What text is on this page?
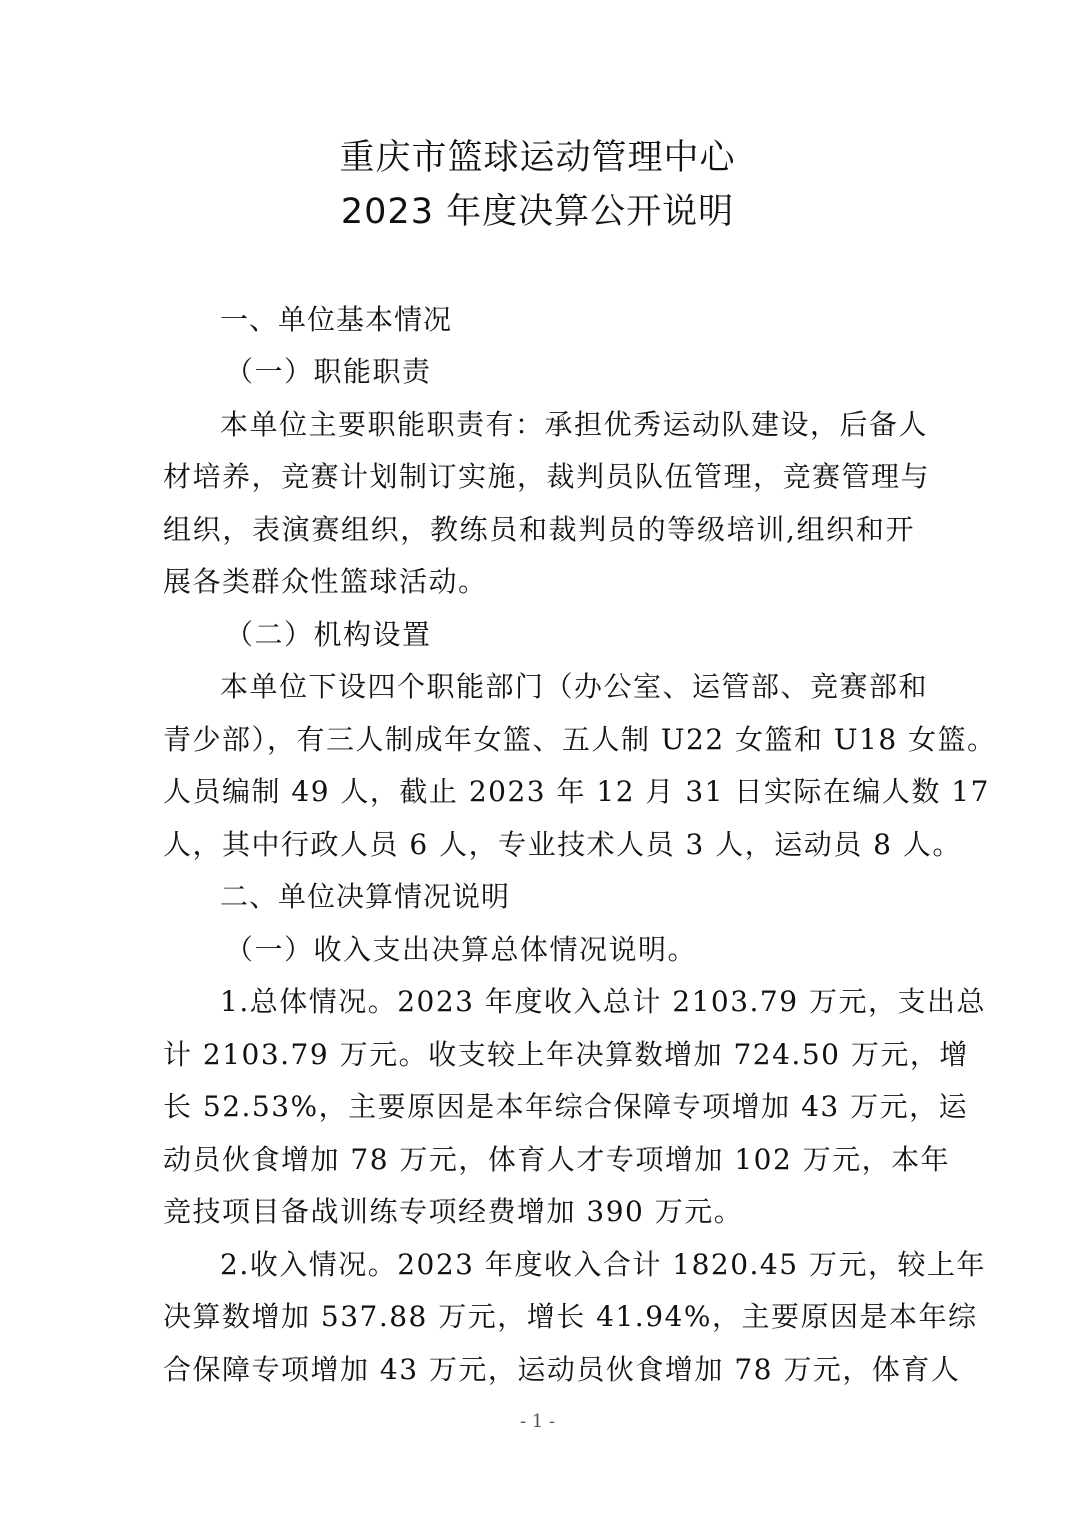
重庆市篮球运动管理中心
2023 年度决算公开说明
一、单位基本情况
（一）职能职责
本单位主要职能职责有：承担优秀运动队建设，后备人
材培养，竞赛计划制订实施，裁判员队伍管理，竞赛管理与
组织，表演赛组织，教练员和裁判员的等级培训,组织和开
展各类群众性篮球活动。
（二）机构设置
本单位下设四个职能部门（办公室、运管部、竞赛部和
青少部），有三人制成年女篮、五人制 U22 女篮和 U18 女篮。
人员编制 49 人，截止 2023 年 12 月 31 日实际在编人数 17
人，其中行政人员 6 人，专业技术人员 3 人，运动员 8 人。
二、单位决算情况说明
（一）收入支出决算总体情况说明。
1.总体情况。2023 年度收入总计 2103.79 万元，支出总
计 2103.79 万元。收支较上年决算数增加 724.50 万元，增
长 52.53%，主要原因是本年综合保障专项增加 43 万元，运
动员伙食增加 78 万元，体育人才专项增加 102 万元，本年
竞技项目备战训练专项经费增加 390 万元。
2.收入情况。2023 年度收入合计 1820.45 万元，较上年
决算数增加 537.88 万元，增长 41.94%，主要原因是本年综
合保障专项增加 43 万元，运动员伙食增加 78 万元，体育人
- 1 -
